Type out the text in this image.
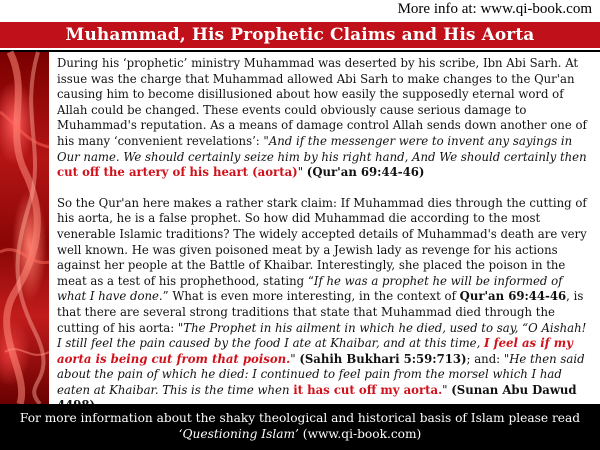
More info at: www.qi-book.com
Muhammad, His Prophetic Claims and His Aorta

During his ‘prophetic’ ministry Muhammad was deserted by his scribe, Ibn Abi Sarh. At issue was the charge that Muhammad allowed Abi Sarh to make changes to the Qur'an causing him to become disillusioned about how easily the supposedly eternal word of Allah could be changed. These events could obviously cause serious damage to Muhammad's reputation. As a means of damage control Allah sends down another one of his many ‘convenient revelations’: "And if the messenger were to invent any sayings in Our name. We should certainly seize him by his right hand, And We should certainly then cut off the artery of his heart (aorta)" (Qur'an 69:44-46)

So the Qur'an here makes a rather stark claim: If Muhammad dies through the cutting of his aorta, he is a false prophet. So how did Muhammad die according to the most venerable Islamic traditions? The widely accepted details of Muhammad's death are very well known. He was given poisoned meat by a Jewish lady as revenge for his actions against her people at the Battle of Khaibar. Interestingly, she placed the poison in the meat as a test of his prophethood, stating “If he was a prophet he will be informed of what I have done.” What is even more interesting, in the context of Qur'an 69:44-46, is that there are several strong traditions that state that Muhammad died through the cutting of his aorta: "The Prophet in his ailment in which he died, used to say, “O Aishah! I still feel the pain caused by the food I ate at Khaibar, and at this time, I feel as if my aorta is being cut from that poison." (Sahih Bukhari 5:59:713); and: "He then said about the pain of which he died: I continued to feel pain from the morsel which I had eaten at Khaibar. This is the time when it has cut off my aorta." (Sunan Abu Dawud

For more information about the shaky theological and historical basis of Islam please read
‘Questioning Islam’ (www.qi-book.com)
